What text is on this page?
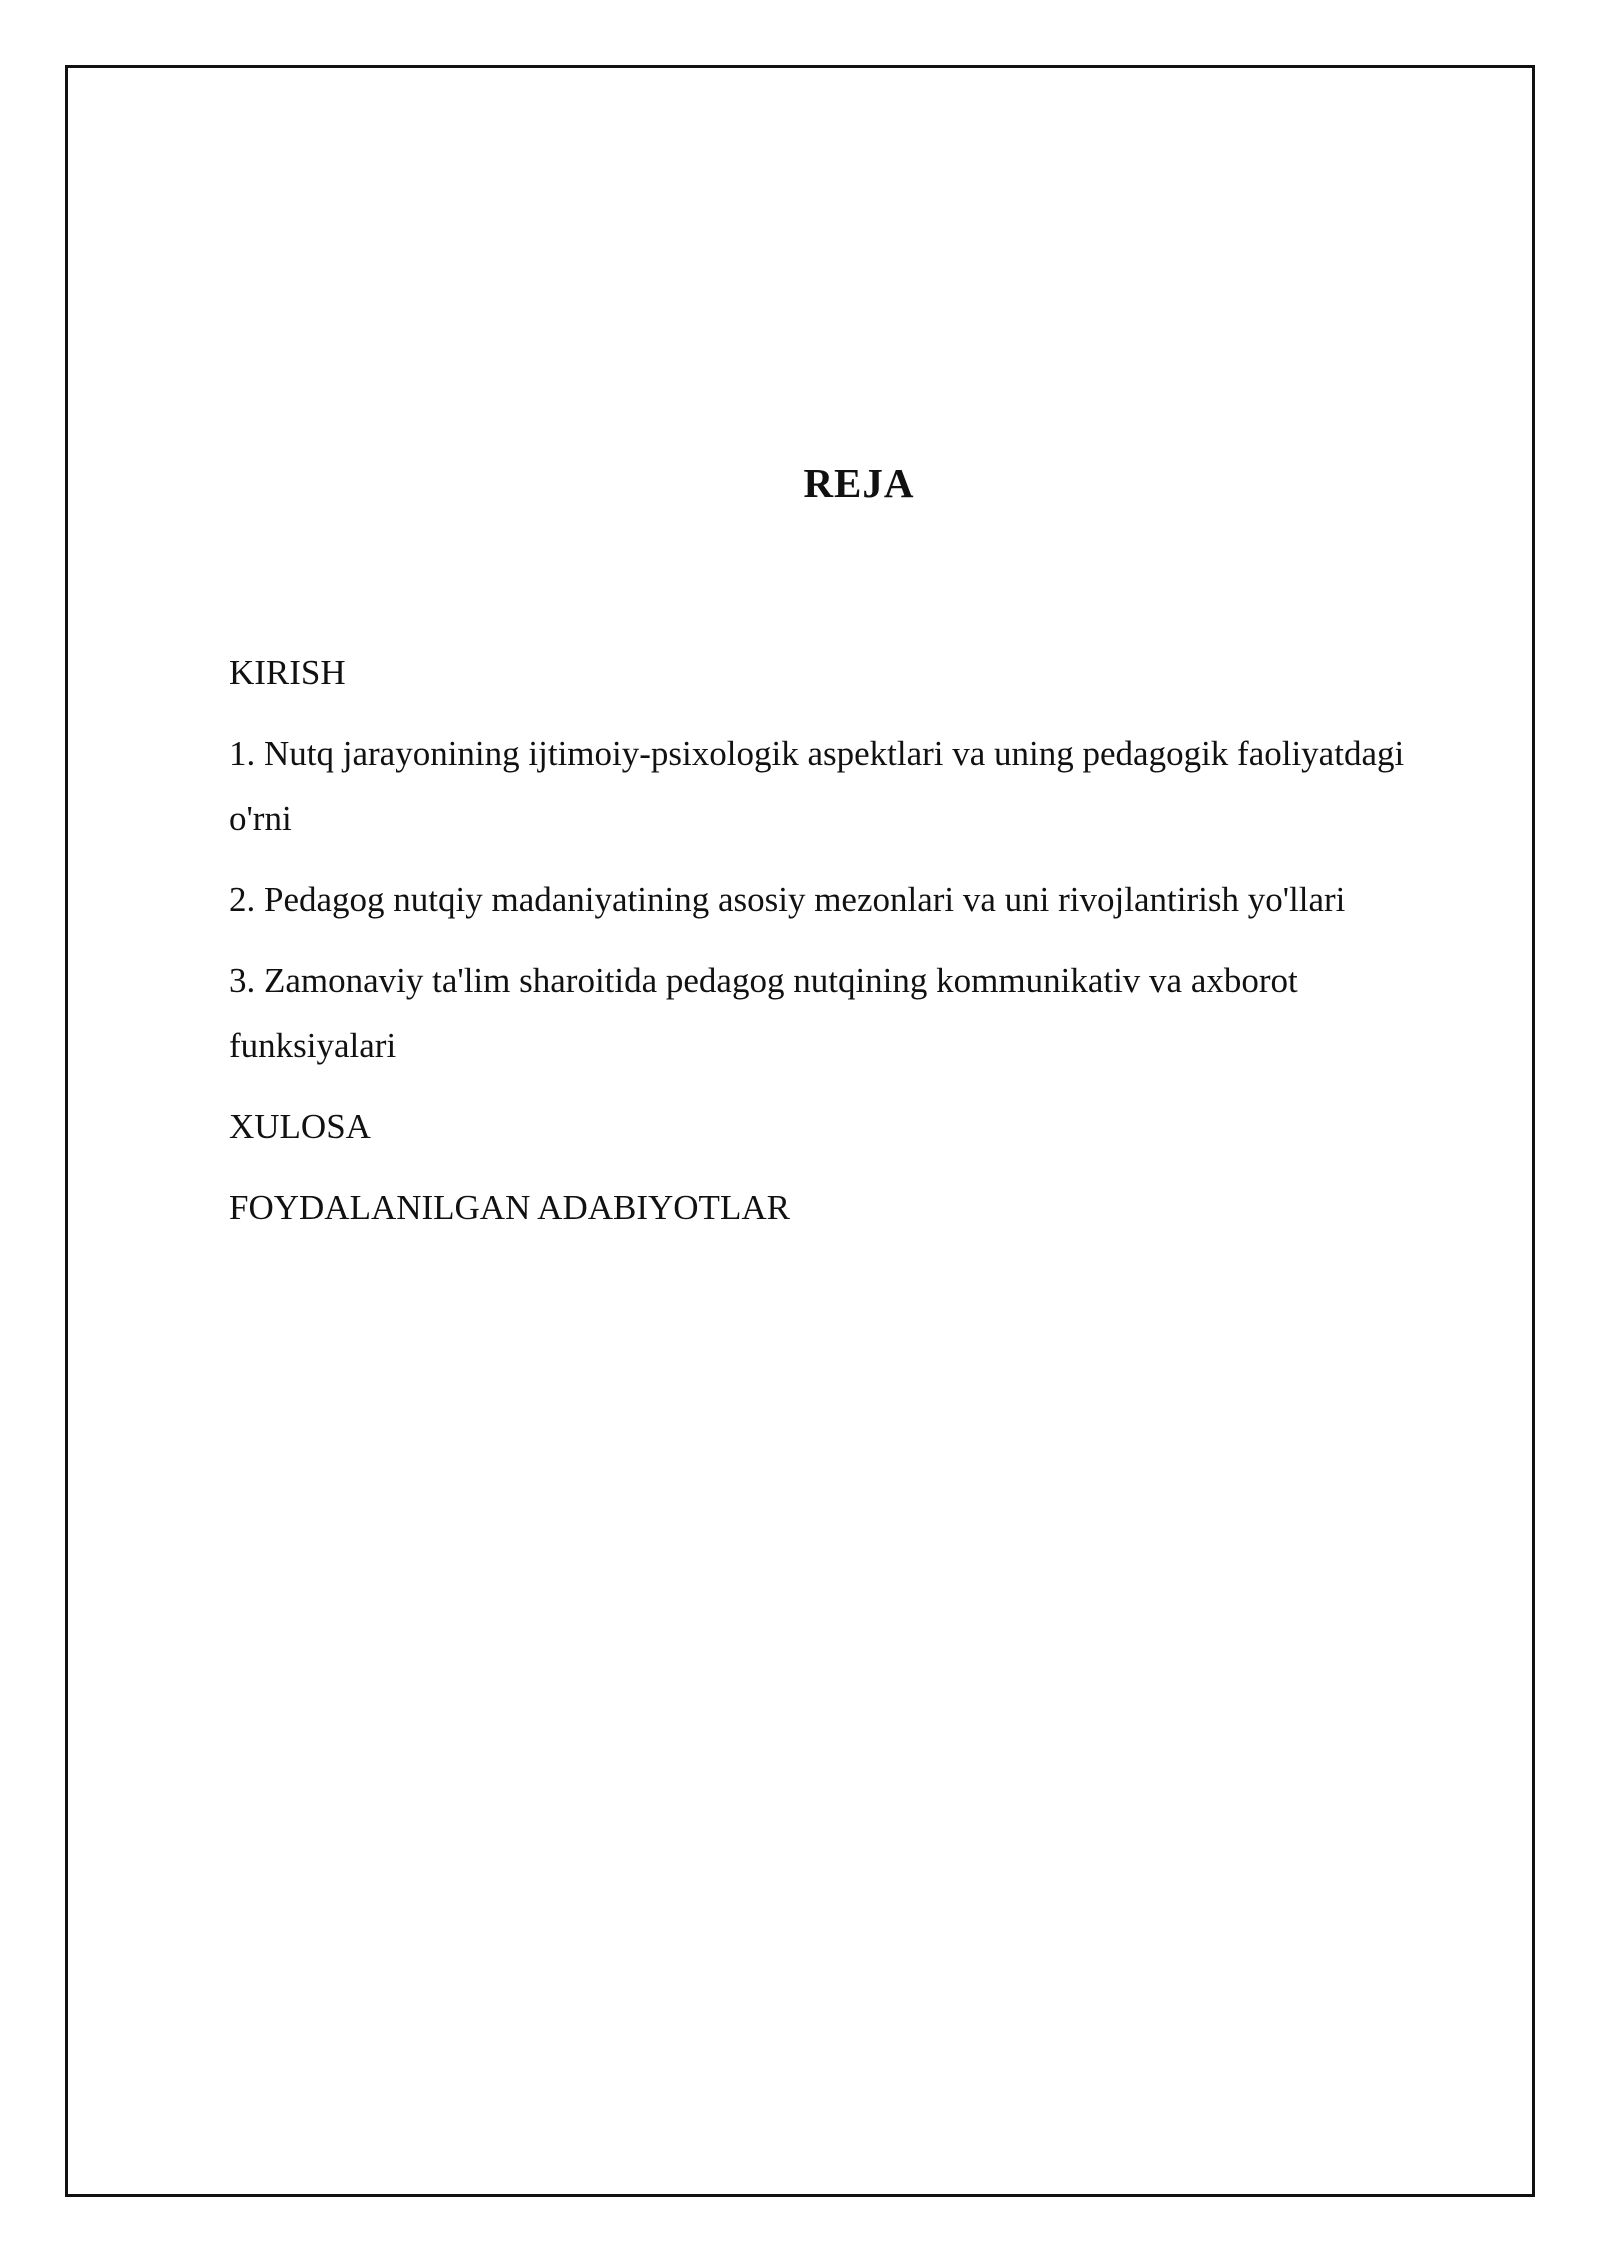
REJA
KIRISH
1. Nutq jarayonining ijtimoiy-psixologik aspektlari va uning pedagogik faoliyatdagi o'rni
2. Pedagog nutqiy madaniyatining asosiy mezonlari va uni rivojlantirish yo'llari
3. Zamonaviy ta'lim sharoitida pedagog nutqining kommunikativ va axborot funksiyalari
XULOSA
FOYDALANILGAN ADABIYOTLAR
